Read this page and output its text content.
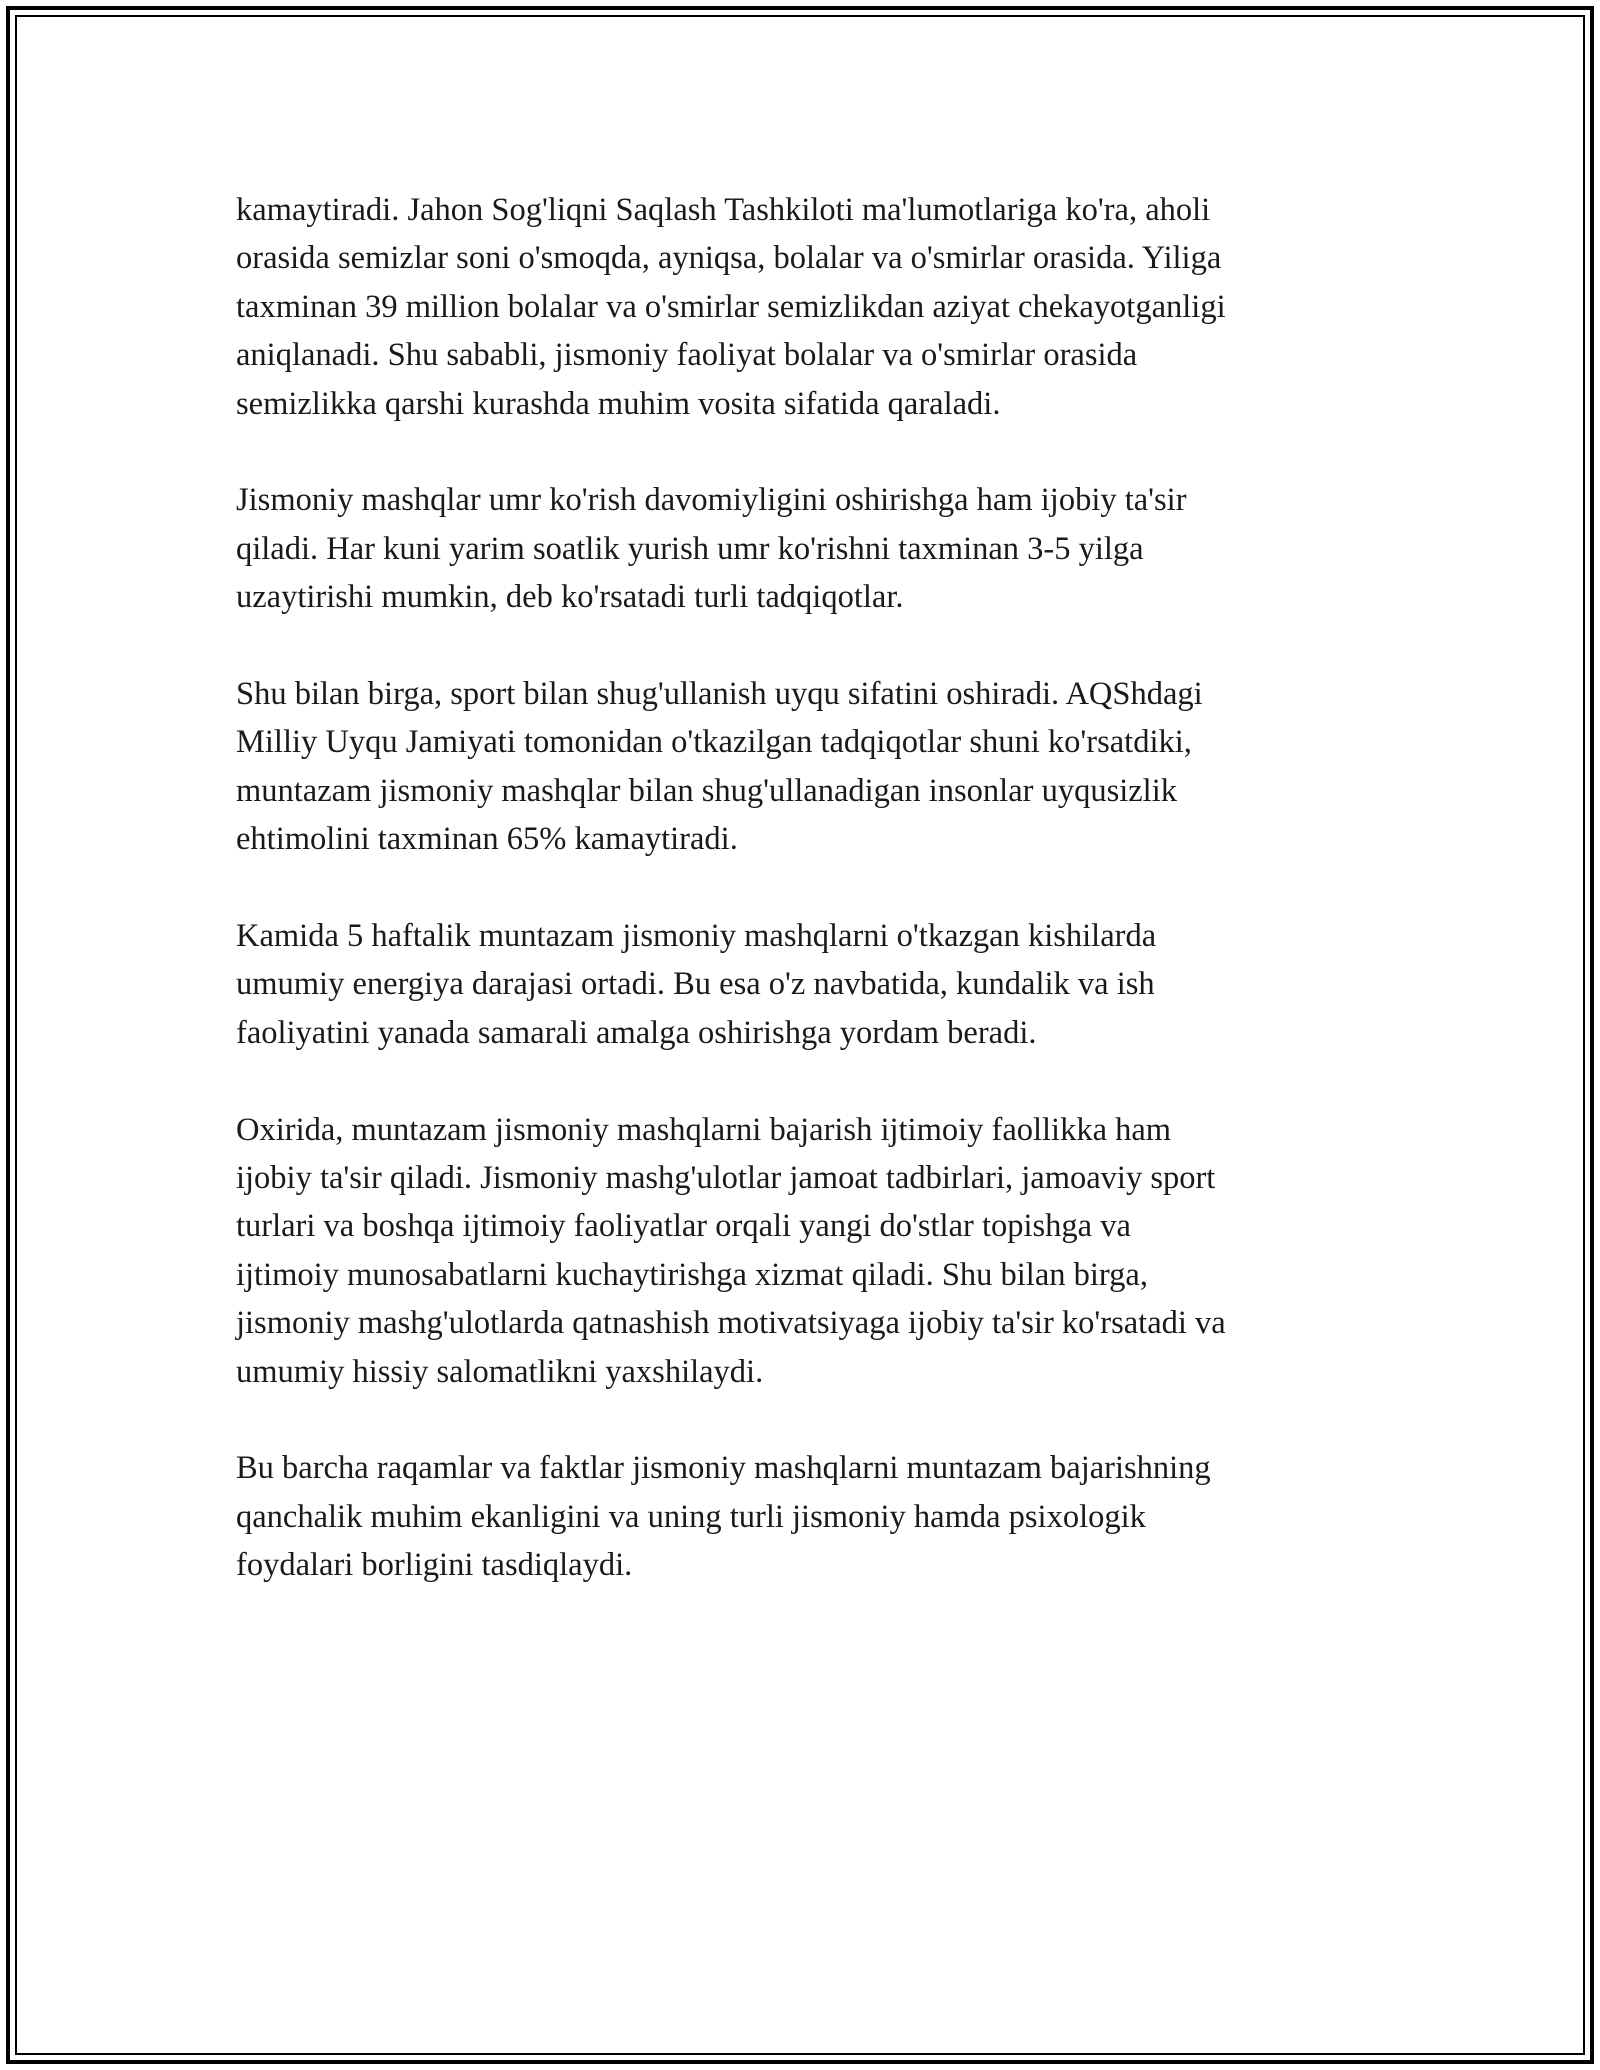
kamaytiradi. Jahon Sog'liqni Saqlash Tashkiloti ma'lumotlariga ko'ra, aholi
orasida semizlar soni o'smoqda, ayniqsa, bolalar va o'smirlar orasida. Yiliga
taxminan 39 million bolalar va o'smirlar semizlikdan aziyat chekayotganligi
aniqlanadi. Shu sababli, jismoniy faoliyat bolalar va o'smirlar orasida
semizlikka qarshi kurashda muhim vosita sifatida qaraladi.

Jismoniy mashqlar umr ko'rish davomiyligini oshirishga ham ijobiy ta'sir
qiladi. Har kuni yarim soatlik yurish umr ko'rishni taxminan 3-5 yilga
uzaytirishi mumkin, deb ko'rsatadi turli tadqiqotlar.

Shu bilan birga, sport bilan shug'ullanish uyqu sifatini oshiradi. AQShdagi
Milliy Uyqu Jamiyati tomonidan o'tkazilgan tadqiqotlar shuni ko'rsatdiki,
muntazam jismoniy mashqlar bilan shug'ullanadigan insonlar uyqusizlik
ehtimolini taxminan 65% kamaytiradi.

Kamida 5 haftalik muntazam jismoniy mashqlarni o'tkazgan kishilarda
umumiy energiya darajasi ortadi. Bu esa o'z navbatida, kundalik va ish
faoliyatini yanada samarali amalga oshirishga yordam beradi.

Oxirida, muntazam jismoniy mashqlarni bajarish ijtimoiy faollikka ham
ijobiy ta'sir qiladi. Jismoniy mashg'ulotlar jamoat tadbirlari, jamoaviy sport
turlari va boshqa ijtimoiy faoliyatlar orqali yangi do'stlar topishga va
ijtimoiy munosabatlarni kuchaytirishga xizmat qiladi. Shu bilan birga,
jismoniy mashg'ulotlarda qatnashish motivatsiyaga ijobiy ta'sir ko'rsatadi va
umumiy hissiy salomatlikni yaxshilaydi.

Bu barcha raqamlar va faktlar jismoniy mashqlarni muntazam bajarishning
qanchalik muhim ekanligini va uning turli jismoniy hamda psixologik
foydalari borligini tasdiqlaydi.
